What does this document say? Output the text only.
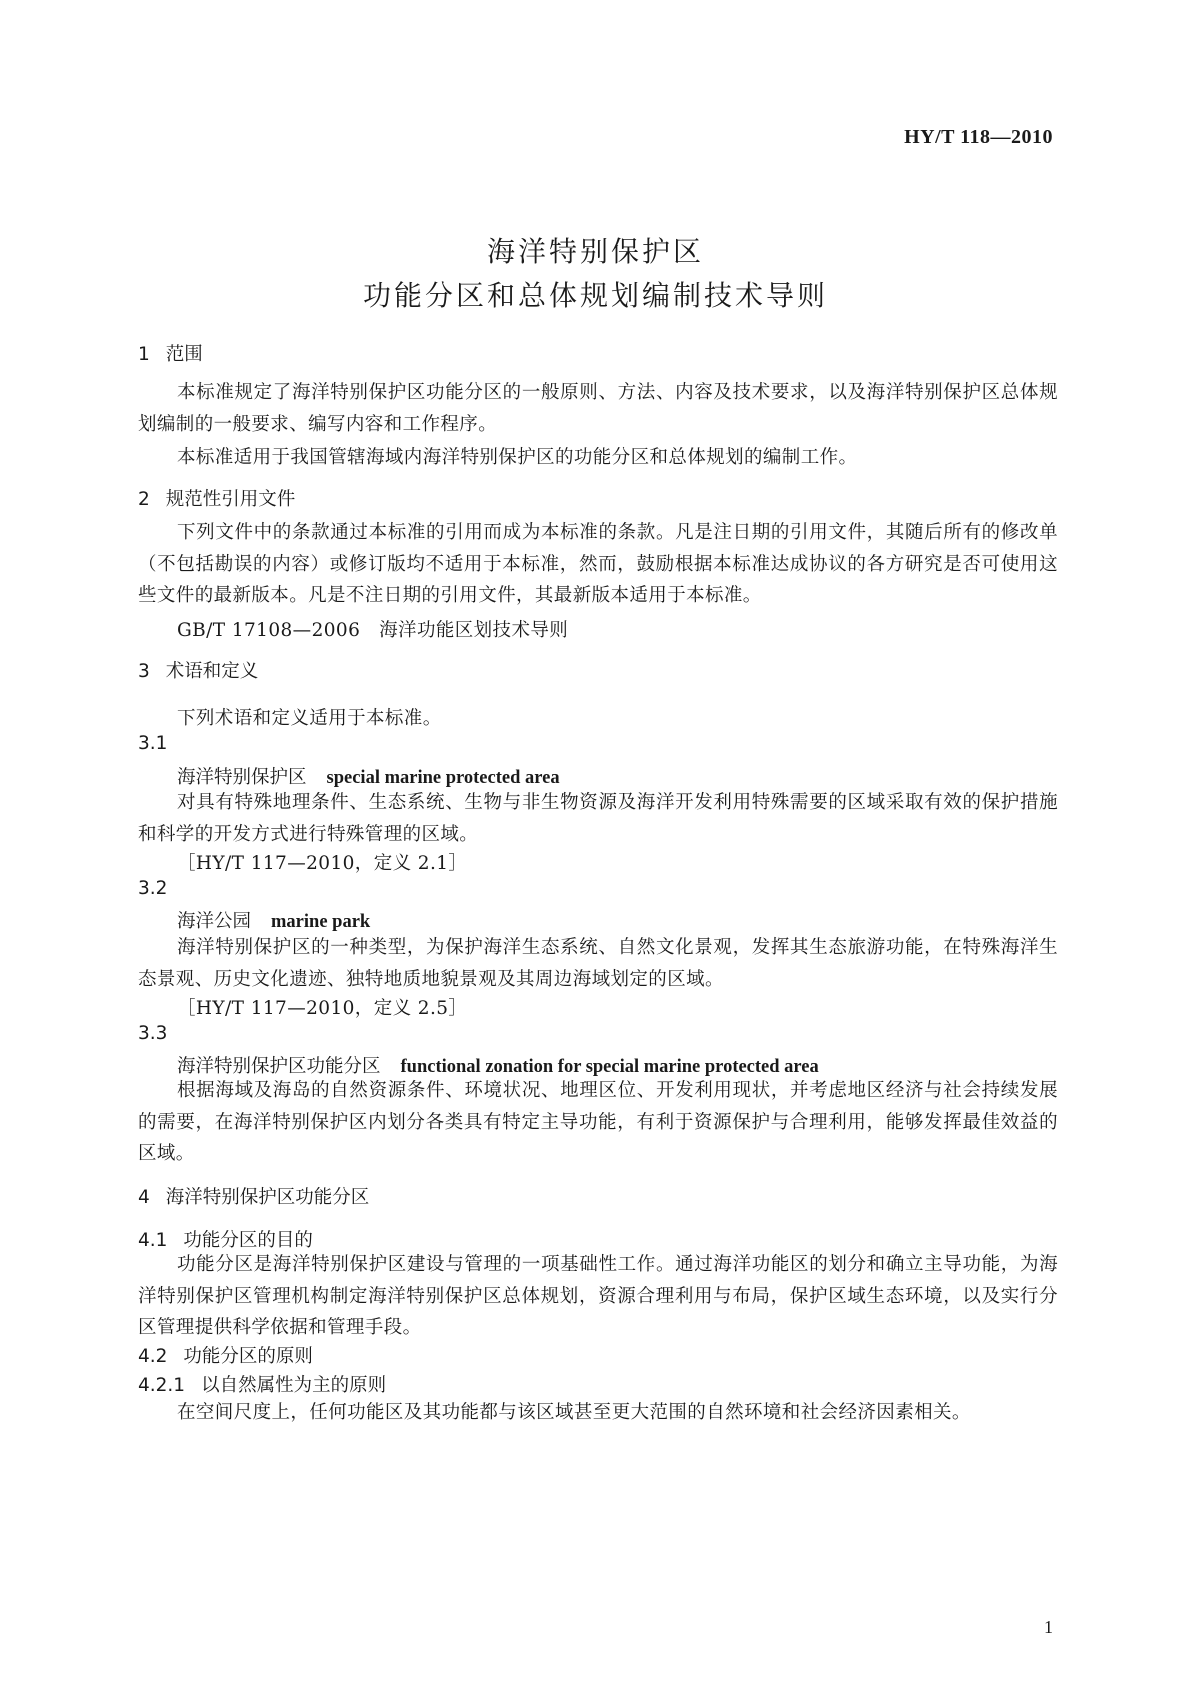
HY/T 118—2010
海洋特别保护区
功能分区和总体规划编制技术导则
1 范围
本标准规定了海洋特别保护区功能分区的一般原则、方法、内容及技术要求，以及海洋特别保护区总体规划编制的一般要求、编写内容和工作程序。
本标准适用于我国管辖海域内海洋特别保护区的功能分区和总体规划的编制工作。
2 规范性引用文件
下列文件中的条款通过本标准的引用而成为本标准的条款。凡是注日期的引用文件，其随后所有的修改单（不包括勘误的内容）或修订版均不适用于本标准，然而，鼓励根据本标准达成协议的各方研究是否可使用这些文件的最新版本。凡是不注日期的引用文件，其最新版本适用于本标准。
GB/T 17108—2006　海洋功能区划技术导则
3 术语和定义
下列术语和定义适用于本标准。
3.1
海洋特别保护区 special marine protected area
对具有特殊地理条件、生态系统、生物与非生物资源及海洋开发利用特殊需要的区域采取有效的保护措施和科学的开发方式进行特殊管理的区域。
［HY/T 117—2010，定义 2.1］
3.2
海洋公园 marine park
海洋特别保护区的一种类型，为保护海洋生态系统、自然文化景观，发挥其生态旅游功能，在特殊海洋生态景观、历史文化遗迹、独特地质地貌景观及其周边海域划定的区域。
［HY/T 117—2010，定义 2.5］
3.3
海洋特别保护区功能分区 functional zonation for special marine protected area
根据海域及海岛的自然资源条件、环境状况、地理区位、开发利用现状，并考虑地区经济与社会持续发展的需要，在海洋特别保护区内划分各类具有特定主导功能，有利于资源保护与合理利用，能够发挥最佳效益的区域。
4 海洋特别保护区功能分区
4.1 功能分区的目的
功能分区是海洋特别保护区建设与管理的一项基础性工作。通过海洋功能区的划分和确立主导功能，为海洋特别保护区管理机构制定海洋特别保护区总体规划，资源合理利用与布局，保护区域生态环境，以及实行分区管理提供科学依据和管理手段。
4.2 功能分区的原则
4.2.1 以自然属性为主的原则
在空间尺度上，任何功能区及其功能都与该区域甚至更大范围的自然环境和社会经济因素相关。
1
